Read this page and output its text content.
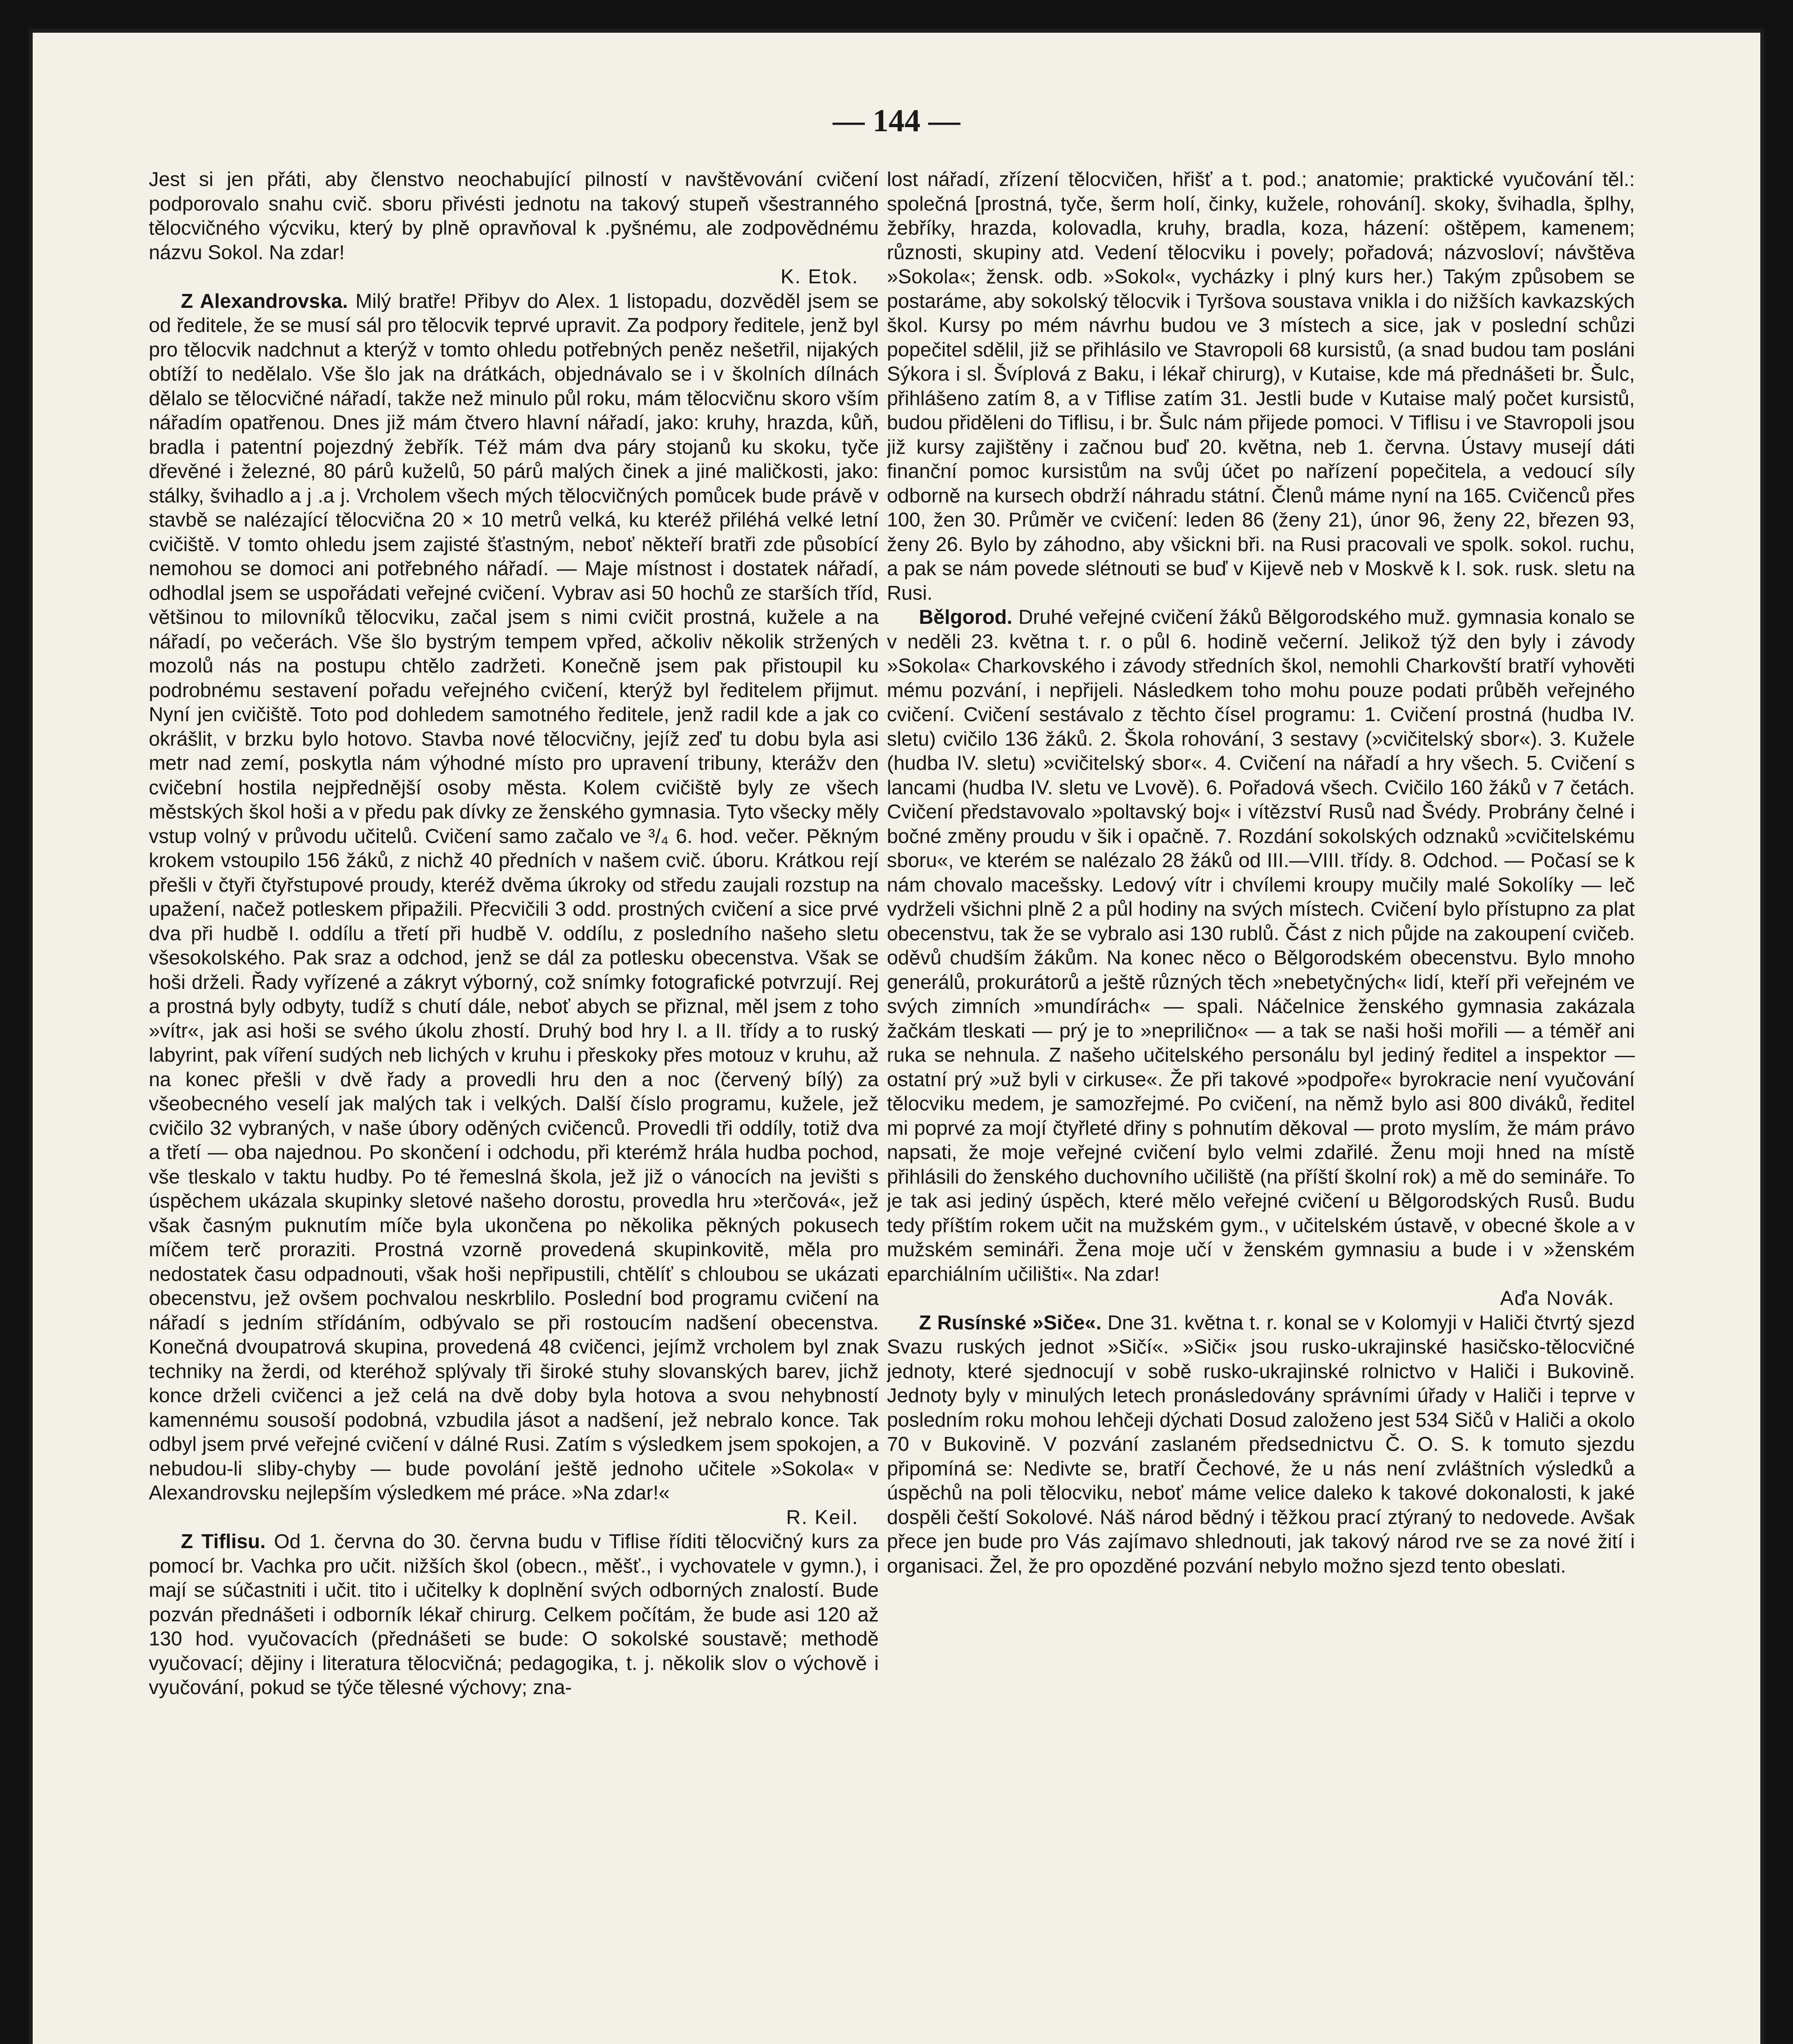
— 144 —

Jest si jen přáti, aby členstvo neochabující pilností v navštěvování cvičení podporovalo snahu cvič. sboru přivésti jednotu na takový stupeň všestranného tělocvičného výcviku, který by plně opravňoval k .pyšnému, ale zodpovědnému názvu Sokol. Na zdar!

K. Etok.

Z Alexandrovska. Milý bratře! Přibyv do Alex. 1 listopadu, dozvěděl jsem se od ředitele, že se musí sál pro tělocvik teprvé upravit. Za podpory ředitele, jenž byl pro tělocvik nadchnut a kterýž v tomto ohledu potřebných peněz nešetřil, nijakých obtíží to nedělalo. Vše šlo jak na drátkách, objednávalo se i v školních dílnách dělalo se tělocvičné nářadí, takže než minulo půl roku, mám tělocvičnu skoro vším nářadím opatřenou. Dnes již mám čtvero hlavní nářadí, jako: kruhy, hrazda, kůň, bradla i patentní pojezdný žebřík. Též mám dva páry stojanů ku skoku, tyče dřevěné i železné, 80 párů kuželů, 50 párů malých činek a jiné maličkosti, jako: stálky, švihadlo a j .a j. Vrcholem všech mých tělocvičných pomůcek bude právě v stavbě se nalézající tělocvična 20 × 10 metrů velká, ku kteréž přiléhá velké letní cvičiště. V tomto ohledu jsem zajisté šťastným, neboť někteří bratři zde působící nemohou se domoci ani potřebného nářadí. — Maje místnost i dostatek nářadí, odhodlal jsem se uspořádati veřejné cvičení. Vybrav asi 50 hochů ze starších tříd, většinou to milovníků tělocviku, začal jsem s nimi cvičit prostná, kužele a na nářadí, po večerách. Vše šlo bystrým tempem vpřed, ačkoliv několik stržených mozolů nás na postupu chtělo zadržeti. Konečně jsem pak přistoupil ku podrobnému sestavení pořadu veřejného cvičení, kterýž byl ředitelem přijmut. Nyní jen cvičiště. Toto pod dohledem samotného ředitele, jenž radil kde a jak co okrášlit, v brzku bylo hotovo. Stavba nové tělocvičny, jejíž zeď tu dobu byla asi metr nad zemí, poskytla nám výhodné místo pro upravení tribuny, kterážv den cvičební hostila nejpřednější osoby města. Kolem cvičiště byly ze všech městských škol hoši a v předu pak dívky ze ženského gymnasia. Tyto všecky měly vstup volný v průvodu učitelů. Cvičení samo začalo ve ³/₄ 6. hod. večer. Pěkným krokem vstoupilo 156 žáků, z nichž 40 předních v našem cvič. úboru. Krátkou rejí přešli v čtyři čtyřstupové proudy, kteréž dvěma úkroky od středu zaujali rozstup na upažení, načež potleskem připažili. Přecvičili 3 odd. prostných cvičení a sice prvé dva při hudbě I. oddílu a třetí při hudbě V. oddílu, z posledního našeho sletu všesokolského. Pak sraz a odchod, jenž se dál za potlesku obecenstva. Však se hoši drželi. Řady vyřízené a zákryt výborný, což snímky fotografické potvrzují. Rej a prostná byly odbyty, tudíž s chutí dále, neboť abych se přiznal, měl jsem z toho »vítr«, jak asi hoši se svého úkolu zhostí. Druhý bod hry I. a II. třídy a to ruský labyrint, pak víření sudých neb lichých v kruhu i přeskoky přes motouz v kruhu, až na konec přešli v dvě řady a provedli hru den a noc (červený bílý) za všeobecného veselí jak malých tak i velkých. Další číslo programu, kužele, jež cvičilo 32 vybraných, v naše úbory oděných cvičenců. Provedli tři oddíly, totiž dva a třetí — oba najednou. Po skončení i odchodu, při kterémž hrála hudba pochod, vše tleskalo v taktu hudby. Po té řemeslná škola, jež již o vánocích na jevišti s úspěchem ukázala skupinky sletové našeho dorostu, provedla hru »terčová«, jež však časným puknutím míče byla ukončena po několika pěkných pokusech míčem terč proraziti. Prostná vzorně provedená skupinkovitě, měla pro nedostatek času odpadnouti, však hoši nepřipustili, chtělíť s chloubou se ukázati obecenstvu, jež ovšem pochvalou neskrblilo. Poslední bod programu cvičení na nářadí s jedním střídáním, odbývalo se při rostoucím nadšení obecenstva. Konečná dvoupatrová skupina, provedená 48 cvičenci, jejímž vrcholem byl znak techniky na žerdi, od kteréhož splývaly tři široké stuhy slovanských barev, jichž konce drželi cvičenci a jež celá na dvě doby byla hotova a svou nehybností kamennému sousoší podobná, vzbudila jásot a nadšení, jež nebralo konce. Tak odbyl jsem prvé veřejné cvičení v dálné Rusi. Zatím s výsledkem jsem spokojen, a nebudou-li sliby-chyby — bude povolání ještě jednoho učitele »Sokola« v Alexandrovsku nejlepším výsledkem mé práce. »Na zdar!«

R. Keil.

Z Tiflisu. Od 1. června do 30. června budu v Tiflise říditi tělocvičný kurs za pomocí br. Vachka pro učit. nižších škol (obecn., měšť., i vychovatele v gymn.), i mají se súčastniti i učit. tito i učitelky k doplnění svých odborných znalostí. Bude pozván přednášeti i odborník lékař chirurg. Celkem počítám, že bude asi 120 až 130 hod. vyučovacích (přednášeti se bude: O sokolské soustavě; methodě vyučovací; dějiny i literatura tělocvičná; pedagogika, t. j. několik slov o výchově i vyučování, pokud se týče tělesné výchovy; zna-

lost nářadí, zřízení tělocvičen, hřišť a t. pod.; anatomie; praktické vyučování těl.: společná [prostná, tyče, šerm holí, činky, kužele, rohování]. skoky, švihadla, šplhy, žebříky, hrazda, kolovadla, kruhy, bradla, koza, házení: oštěpem, kamenem; různosti, skupiny atd. Vedení tělocviku i povely; pořadová; názvosloví; návštěva »Sokola«; žensk. odb. »Sokol«, vycházky i plný kurs her.) Takým způsobem se postaráme, aby sokolský tělocvik i Tyršova soustava vnikla i do nižších kavkazských škol. Kursy po mém návrhu budou ve 3 místech a sice, jak v poslední schůzi popečitel sdělil, již se přihlásilo ve Stavropoli 68 kursistů, (a snad budou tam posláni Sýkora i sl. Švíplová z Baku, i lékař chirurg), v Kutaise, kde má přednášeti br. Šulc, přihlášeno zatím 8, a v Tiflise zatím 31. Jestli bude v Kutaise malý počet kursistů, budou přiděleni do Tiflisu, i br. Šulc nám přijede pomoci. V Tiflisu i ve Stavropoli jsou již kursy zajištěny i začnou buď 20. května, neb 1. června. Ústavy musejí dáti finanční pomoc kursistům na svůj účet po nařízení popečitela, a vedoucí síly odborně na kursech obdrží náhradu státní. Členů máme nyní na 165. Cvičenců přes 100, žen 30. Průměr ve cvičení: leden 86 (ženy 21), únor 96, ženy 22, březen 93, ženy 26. Bylo by záhodno, aby všickni bři. na Rusi pracovali ve spolk. sokol. ruchu, a pak se nám povede slétnouti se buď v Kijevě neb v Moskvě k I. sok. rusk. sletu na Rusi.

Bělgorod. Druhé veřejné cvičení žáků Bělgorodského muž. gymnasia konalo se v neděli 23. května t. r. o půl 6. hodině večerní. Jelikož týž den byly i závody »Sokola« Charkovského i závody středních škol, nemohli Charkovští bratří vyhověti mému pozvání, i nepřijeli. Následkem toho mohu pouze podati průběh veřejného cvičení. Cvičení sestávalo z těchto čísel programu: 1. Cvičení prostná (hudba IV. sletu) cvičilo 136 žáků. 2. Škola rohování, 3 sestavy (»cvičitelský sbor«). 3. Kužele (hudba IV. sletu) »cvičitelský sbor«. 4. Cvičení na nářadí a hry všech. 5. Cvičení s lancami (hudba IV. sletu ve Lvově). 6. Pořadová všech. Cvičilo 160 žáků v 7 četách. Cvičení představovalo »poltavský boj« i vítězství Rusů nad Švédy. Probrány čelné i bočné změny proudu v šik i opačně. 7. Rozdání sokolských odznaků »cvičitelskému sboru«, ve kterém se nalézalo 28 žáků od III.—VIII. třídy. 8. Odchod. — Počasí se k nám chovalo macešsky. Ledový vítr i chvílemi kroupy mučily malé Sokolíky — leč vydrželi všichni plně 2 a půl hodiny na svých místech. Cvičení bylo přístupno za plat obecenstvu, tak že se vybralo asi 130 rublů. Část z nich půjde na zakoupení cvičeb. oděvů chudším žákům. Na konec něco o Bělgorodském obecenstvu. Bylo mnoho generálů, prokurátorů a ještě různých těch »nebetyčných« lidí, kteří při veřejném ve svých zimních »mundírách« — spali. Náčelnice ženského gymnasia zakázala žačkám tleskati — prý je to »neprilično« — a tak se naši hoši mořili — a téměř ani ruka se nehnula. Z našeho učitelského personálu byl jediný ředitel a inspektor — ostatní prý »už byli v cirkuse«. Že při takové »podpoře« byrokracie není vyučování tělocviku medem, je samozřejmé. Po cvičení, na němž bylo asi 800 diváků, ředitel mi poprvé za mojí čtyřleté dřiny s pohnutím děkoval — proto myslím, že mám právo napsati, že moje veřejné cvičení bylo velmi zdařilé. Ženu moji hned na místě přihlásili do ženského duchovního učiliště (na příští školní rok) a mě do semináře. To je tak asi jediný úspěch, které mělo veřejné cvičení u Bělgorodských Rusů. Budu tedy příštím rokem učit na mužském gym., v učitelském ústavě, v obecné škole a v mužském semináři. Žena moje učí v ženském gymnasiu a bude i v »ženském eparchiálním učilišti«. Na zdar!

Aďa Novák.

Z Rusínské »Siče«. Dne 31. května t. r. konal se v Kolomyji v Haliči čtvrtý sjezd Svazu ruských jednot »Sičí«. »Siči« jsou rusko-ukrajinské hasičsko-tělocvičné jednoty, které sjednocují v sobě rusko-ukrajinské rolnictvo v Haliči i Bukovině. Jednoty byly v minulých letech pronásledovány správními úřady v Haliči i teprve v posledním roku mohou lehčeji dýchati Dosud založeno jest 534 Sičů v Haliči a okolo 70 v Bukovině. V pozvání zaslaném předsednictvu Č. O. S. k tomuto sjezdu připomíná se: Nedivte se, bratří Čechové, že u nás není zvláštních výsledků a úspěchů na poli tělocviku, neboť máme velice daleko k takové dokonalosti, k jaké dospěli čeští Sokolové. Náš národ bědný i těžkou prací ztýraný to nedovede. Avšak přece jen bude pro Vás zajímavo shlednouti, jak takový národ rve se za nové žití i organisaci. Žel, že pro opozděné pozvání nebylo možno sjezd tento obeslati.
